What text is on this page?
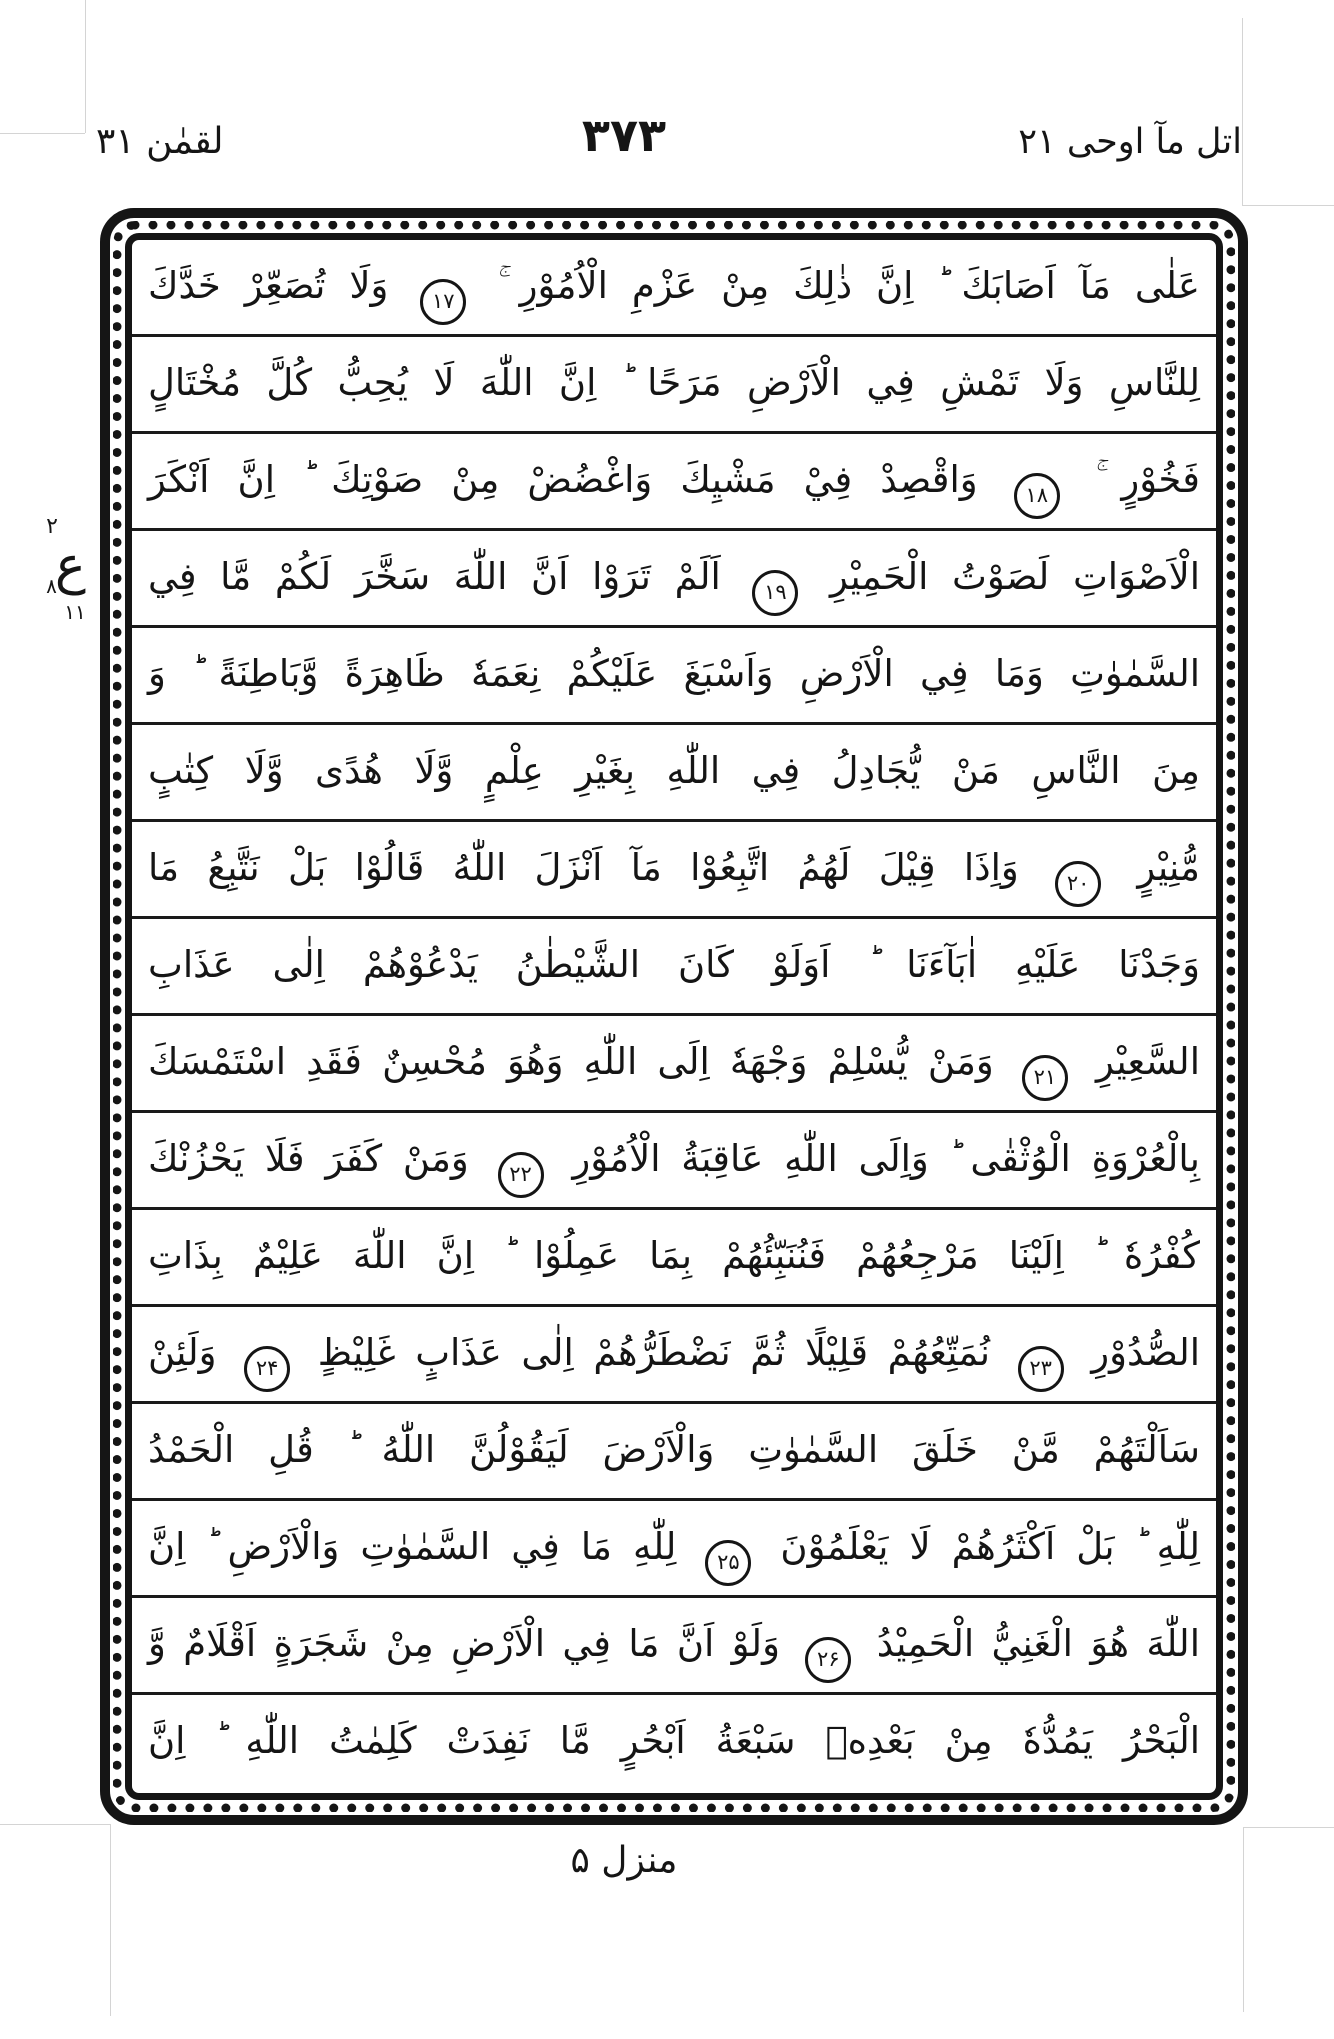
لقمٰن ۳۱	۳۷۳	اتل مآ اوحی ۲۱
۲
ع۸
۱۱
عَلٰى مَآ اَصَابَكَ ؕ اِنَّ ذٰلِكَ مِنْ عَزْمِ الْاُمُوْرِ ۚ ۱۷ وَلَا تُصَعِّرْ خَدَّكَ
لِلنَّاسِ وَلَا تَمْشِ فِي الْاَرْضِ مَرَحًا ؕ اِنَّ اللّٰهَ لَا يُحِبُّ كُلَّ مُخْتَالٍ
فَخُوْرٍ ۚ ۱۸ وَاقْصِدْ فِيْ مَشْيِكَ وَاغْضُضْ مِنْ صَوْتِكَ ؕ اِنَّ اَنْكَرَ
الْاَصْوَاتِ لَصَوْتُ الْحَمِيْرِ ۱۹ اَلَمْ تَرَوْا اَنَّ اللّٰهَ سَخَّرَ لَكُمْ مَّا فِي
السَّمٰوٰتِ وَمَا فِي الْاَرْضِ وَاَسْبَغَ عَلَيْكُمْ نِعَمَهٗ ظَاهِرَةً وَّبَاطِنَةً ؕ وَ
مِنَ النَّاسِ مَنْ يُّجَادِلُ فِي اللّٰهِ بِغَيْرِ عِلْمٍ وَّلَا هُدًى وَّلَا كِتٰبٍ
مُّنِيْرٍ ۲۰ وَاِذَا قِيْلَ لَهُمُ اتَّبِعُوْا مَآ اَنْزَلَ اللّٰهُ قَالُوْا بَلْ نَتَّبِعُ مَا
وَجَدْنَا عَلَيْهِ اٰبَآءَنَا ؕ اَوَلَوْ كَانَ الشَّيْطٰنُ يَدْعُوْهُمْ اِلٰى عَذَابِ
السَّعِيْرِ ۲۱ وَمَنْ يُّسْلِمْ وَجْهَهٗ اِلَى اللّٰهِ وَهُوَ مُحْسِنٌ فَقَدِ اسْتَمْسَكَ
بِالْعُرْوَةِ الْوُثْقٰى ؕ وَاِلَى اللّٰهِ عَاقِبَةُ الْاُمُوْرِ ۲۲ وَمَنْ كَفَرَ فَلَا يَحْزُنْكَ
كُفْرُهٗ ؕ اِلَيْنَا مَرْجِعُهُمْ فَنُنَبِّئُهُمْ بِمَا عَمِلُوْا ؕ اِنَّ اللّٰهَ عَلِيْمٌ بِذَاتِ
الصُّدُوْرِ ۲۳ نُمَتِّعُهُمْ قَلِيْلًا ثُمَّ نَضْطَرُّهُمْ اِلٰى عَذَابٍ غَلِيْظٍ ۲۴ وَلَئِنْ
سَاَلْتَهُمْ مَّنْ خَلَقَ السَّمٰوٰتِ وَالْاَرْضَ لَيَقُوْلُنَّ اللّٰهُ ؕ قُلِ الْحَمْدُ
لِلّٰهِ ؕ بَلْ اَكْثَرُهُمْ لَا يَعْلَمُوْنَ ۲۵ لِلّٰهِ مَا فِي السَّمٰوٰتِ وَالْاَرْضِ ؕ اِنَّ
اللّٰهَ هُوَ الْغَنِيُّ الْحَمِيْدُ ۲۶ وَلَوْ اَنَّ مَا فِي الْاَرْضِ مِنْ شَجَرَةٍ اَقْلَامٌ وَّ
الْبَحْرُ يَمُدُّهٗ مِنْ بَعْدِهٖ سَبْعَةُ اَبْحُرٍ مَّا نَفِدَتْ كَلِمٰتُ اللّٰهِ ؕ اِنَّ
منزل ۵
